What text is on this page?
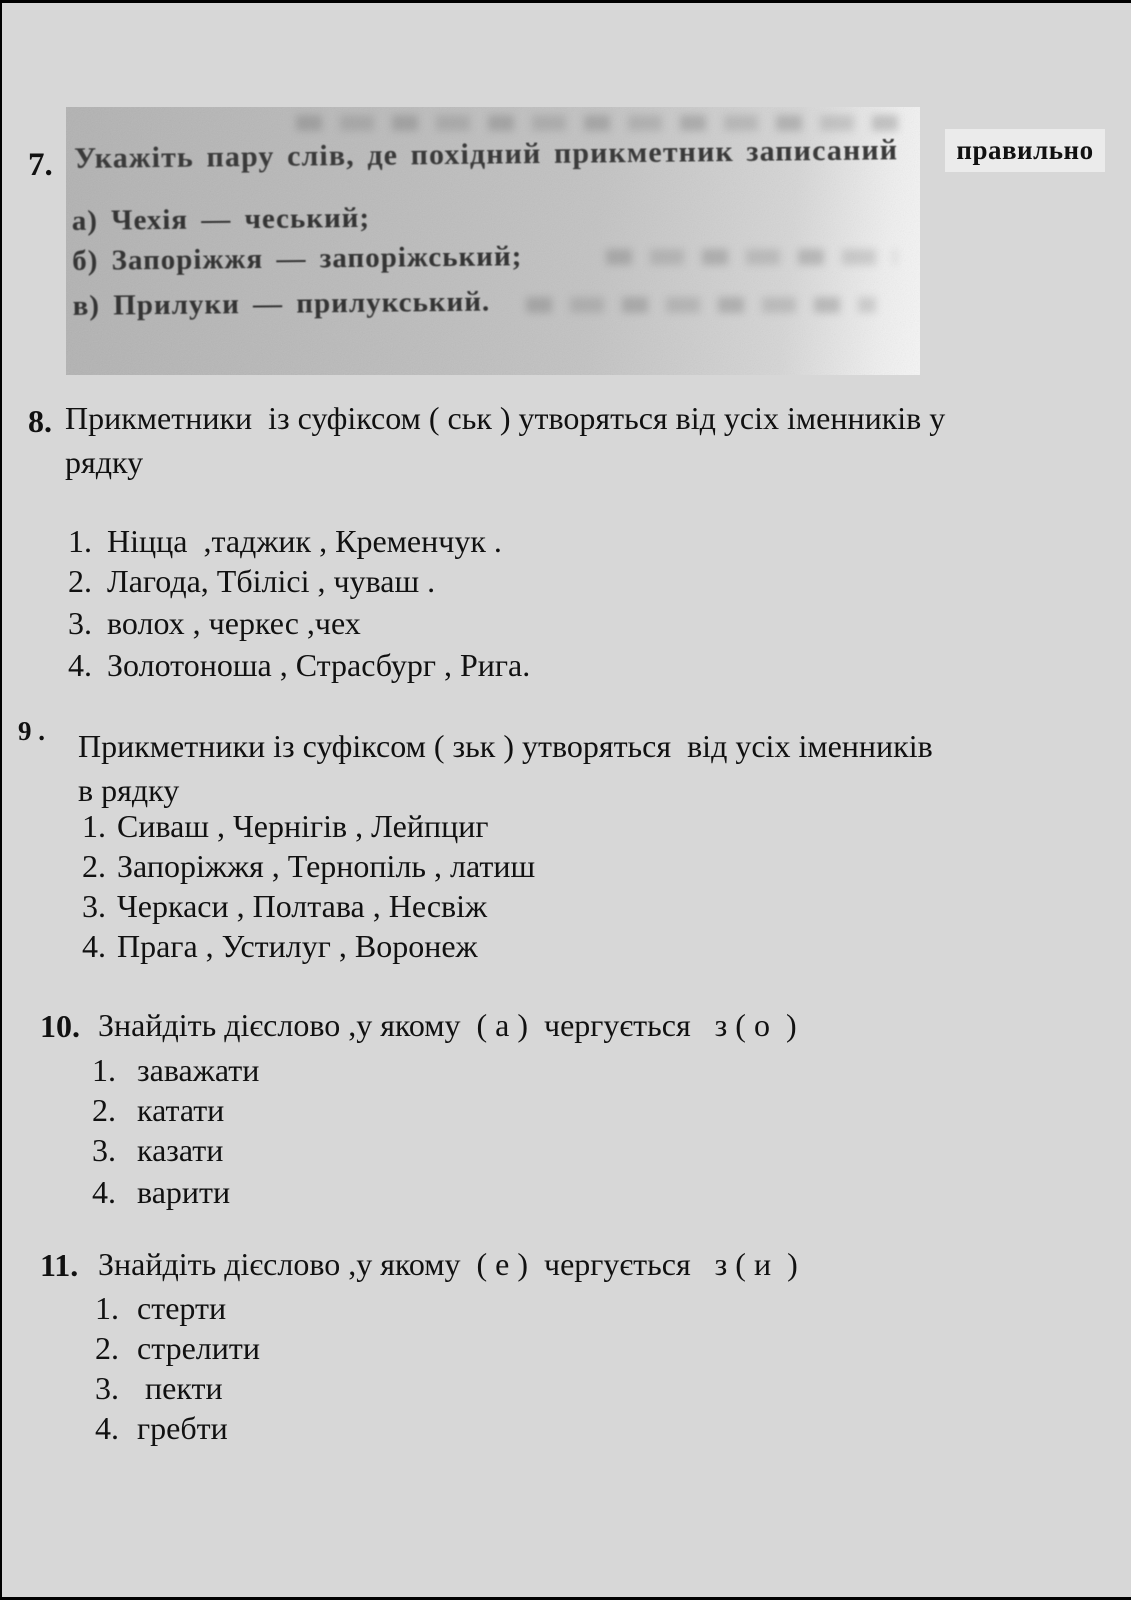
Укажіть пару слів, де похідний прикметник записаний
а) Чехія — чеський;
б) Запоріжжя — запоріжський;
в) Прилуки — прилукський.
7.	правильно
8. Прикметники  із суфіксом ( ськ ) утворяться від усіх іменників у
рядку
1. Ніцца  ,таджик , Кременчук .
2. Лагода, Тбілісі , чуваш .
3. волох , черкес ,чех
4. Золотоноша , Страсбург , Рига.
9 . Прикметники із суфіксом ( зьк ) утворяться  від усіх іменників
в рядку
1. Сиваш , Чернігів , Лейпциг
2. Запоріжжя , Тернопіль , латиш
3. Черкаси , Полтава , Несвіж
4. Прага , Устилуг , Воронеж
10. Знайдіть дієслово ,у якому  ( а )  чергується   з ( о  )
1. заважати
2. катати
3. казати
4. варити
11. Знайдіть дієслово ,у якому  ( е )  чергується   з ( и  )
1. стерти
2. стрелити
3. пекти
4. гребти
